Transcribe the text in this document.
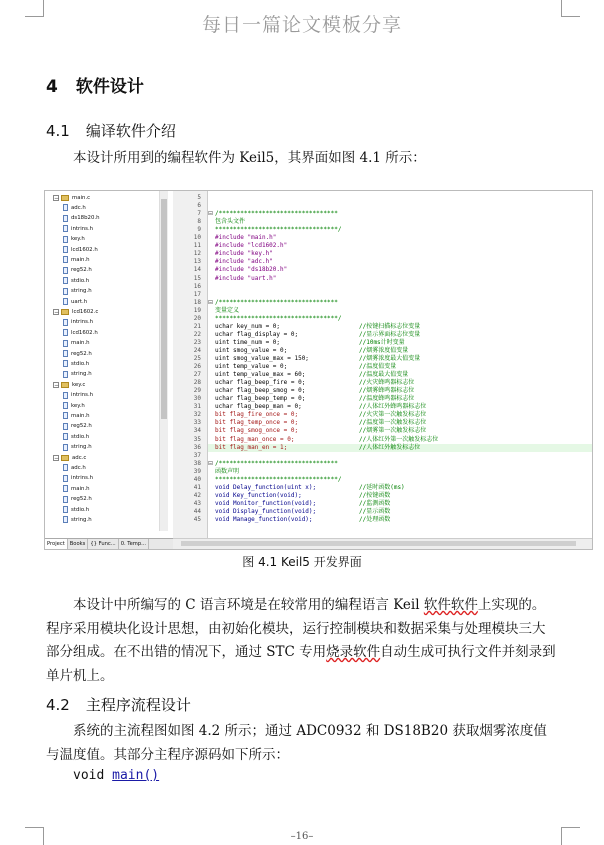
每日一篇论文模板分享
4 软件设计
4.1 编译软件介绍
本设计所用到的编程软件为 Keil5，其界面如图 4.1 所示：
− main.c
adc.h
ds18b20.h
intrins.h
key.h
lcd1602.h
main.h
reg52.h
stdio.h
string.h
uart.h
− lcd1602.c
intrins.h
lcd1602.h
main.h
reg52.h
stdio.h
string.h
− key.c
intrins.h
key.h
main.h
reg52.h
stdio.h
string.h
− adc.c
adc.h
intrins.h
main.h
reg52.h
stdio.h
string.h
Project Books {} Func... 0. Temp...
5
6
7 ⊟ /*********************************
8 包含头文件
9 **********************************/
10 #include "main.h"
11 #include "lcd1602.h"
12 #include "key.h"
13 #include "adc.h"
14 #include "ds18b20.h"
15 #include "uart.h"
16
17
18 ⊟ /*********************************
19 变量定义
20 **********************************/
21 uchar key_num = 0;	//按键扫描标志位变量
22 uchar flag_display = 0;	//显示界面标志位变量
23 uint time_num = 0;	//10ms计时变量
24 uint smog_value = 0;	//烟雾浓度值变量
25 uint smog_value_max = 150;	//烟雾浓度最大值变量
26 uint temp_value = 0;	//温度值变量
27 uint temp_value_max = 60;	//温度最大值变量
28 uchar flag_beep_fire = 0;	//火灾蜂鸣器标志位
29 uchar flag_beep_smog = 0;	//烟雾蜂鸣器标志位
30 uchar flag_beep_temp = 0;	//温度蜂鸣器标志位
31 uchar flag_beep_man = 0;	//人体红外蜂鸣器标志位
32 bit flag_fire_once = 0;	//火灾第一次触发标志位
33 bit flag_temp_once = 0;	//温度第一次触发标志位
34 bit flag_smog_once = 0;	//烟雾第一次触发标志位
35 bit flag_man_once = 0;	//人体红外第一次触发标志位
36 bit flag_man_en = 1;	//人体红外触发标志位
37
38 ⊟ /*********************************
39 函数声明
40 **********************************/
41 void Delay_function(uint x);	//延时函数(ms)
42 void Key_function(void);	//按键函数
43 void Monitor_function(void);	//监测函数
44 void Display_function(void);	//显示函数
45 void Manage_function(void);	//处理函数
图 4.1 Keil5 开发界面
本设计中所编写的 C 语言环境是在较常用的编程语言 Keil 软件软件上实现的。程序采用模块化设计思想，由初始化模块，运行控制模块和数据采集与处理模块三大部分组成。在不出错的情况下，通过 STC 专用烧录软件自动生成可执行文件并刻录到单片机上。
4.2 主程序流程设计
系统的主流程图如图 4.2 所示；通过 ADC0932 和 DS18B20 获取烟雾浓度值与温度值。其部分主程序源码如下所示：
void main()
–16–
